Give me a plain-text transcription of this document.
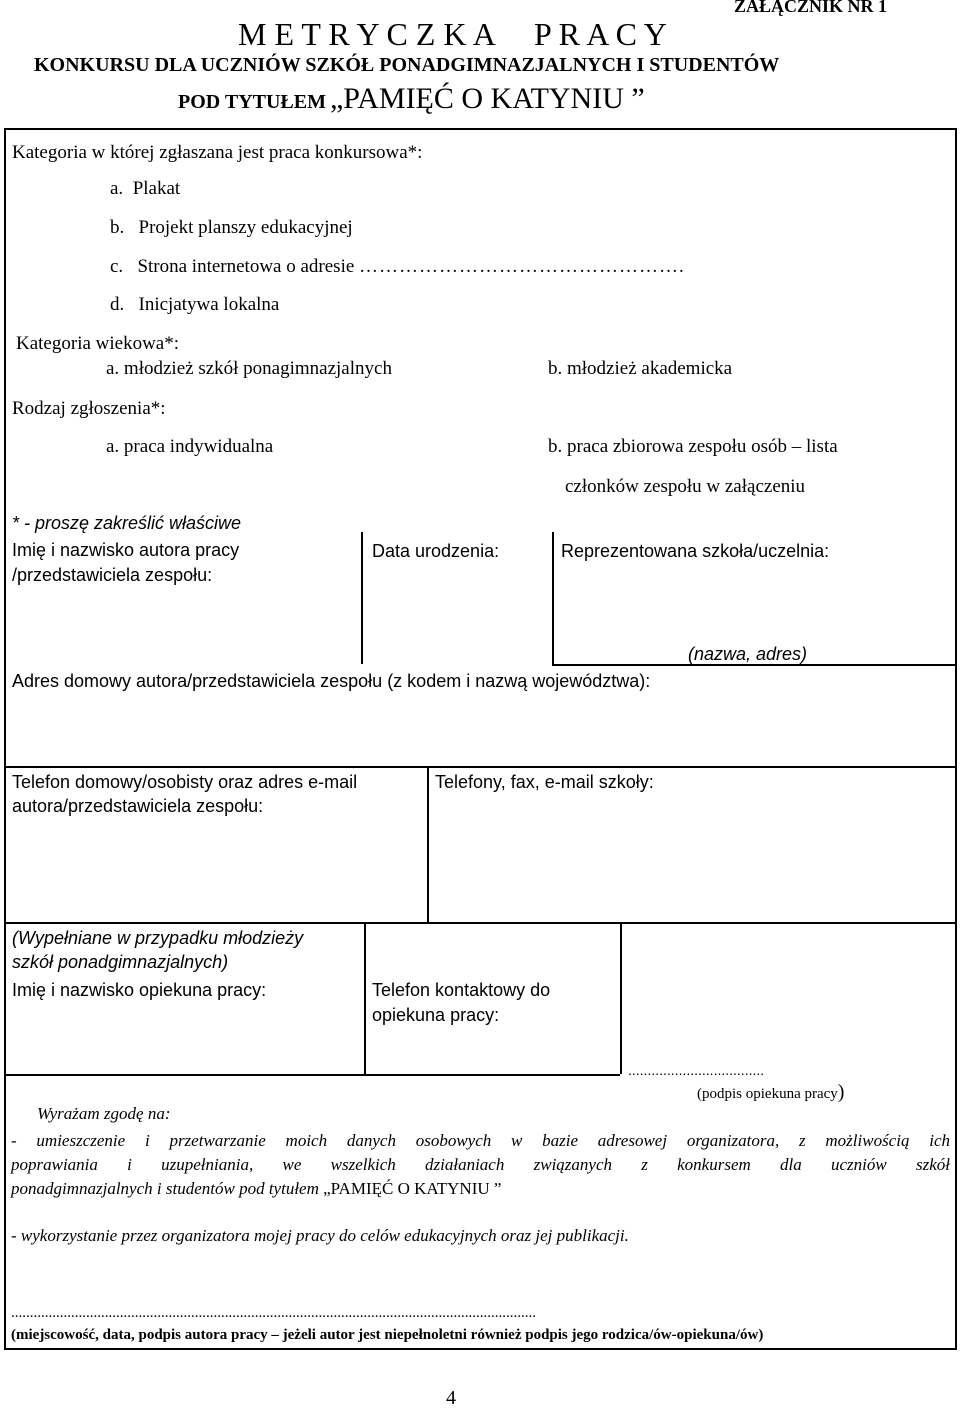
ZAŁĄCZNIK NR 1
M E T R Y C Z K A     P R A C Y
KONKURSU DLA UCZNIÓW SZKÓŁ PONADGIMNAZJALNYCH I STUDENTÓW
POD TYTUŁEM „PAMIĘĆ O KATYNIU ”
Kategoria w której zgłaszana jest praca konkursowa*:
a. Plakat
b. Projekt planszy edukacyjnej
c. Strona internetowa o adresie ………………………………………….
d. Inicjatywa lokalna
Kategoria wiekowa*:
a. młodzież szkół ponagimnazjalnych	b. młodzież akademicka
Rodzaj zgłoszenia*:
a. praca indywidualna	b. praca zbiorowa zespołu osób – lista
członków zespołu w załączeniu
* - proszę zakreślić właściwe
Imię i nazwisko autora pracy
/przedstawiciela zespołu:
Data urodzenia:	Reprezentowana szkoła/uczelnia:
(nazwa, adres)
Adres domowy autora/przedstawiciela zespołu (z kodem i nazwą województwa):
Telefon domowy/osobisty oraz adres e-mail
autora/przedstawiciela zespołu:
Telefony, fax, e-mail szkoły:
(Wypełniane w przypadku młodzieży
szkół ponadgimnazjalnych)
Imię i nazwisko opiekuna pracy:	Telefon kontaktowy do
opiekuna pracy:
...................................
(podpis opiekuna pracy)
Wyrażam zgodę na:
- umieszczenie i przetwarzanie moich danych osobowych w bazie adresowej organizatora, z możliwością ich
poprawiania i uzupełniania, we wszelkich działaniach związanych z konkursem dla uczniów szkół
ponadgimnazjalnych i studentów pod tytułem „PAMIĘĆ O KATYNIU ”
- wykorzystanie przez organizatora mojej pracy do celów edukacyjnych oraz jej publikacji.
............................................................................................................................................
(miejscowość, data, podpis autora pracy – jeżeli autor jest niepełnoletni również podpis jego rodzica/ów-opiekuna/ów)
4
